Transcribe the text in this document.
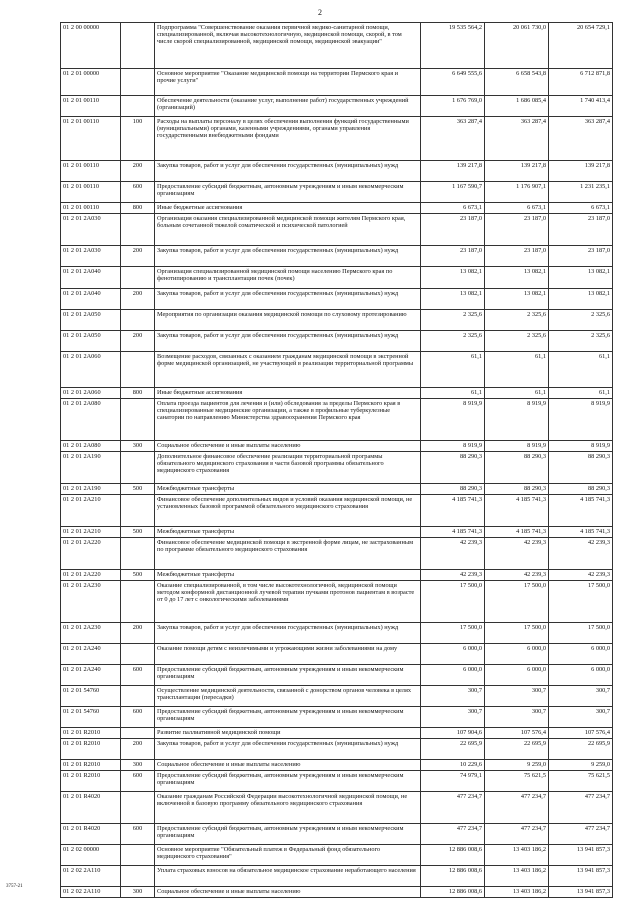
2
01 2 00 00000		Подпрограмма "Совершенствование оказания первичной медико-санитарной помощи, специализированной, включая высокотехнологичную, медицинской помощи, скорой, в том числе скорой специализированной, медицинской помощи, медицинской эвакуации"	19 535 564,2	20 061 730,0	20 654 729,1
01 2 01 00000		Основное мероприятие "Оказание медицинской помощи на территории Пермского края и прочие услуги"	6 649 555,6	6 658 543,8	6 712 871,8
01 2 01 00110		Обеспечение деятельности (оказание услуг, выполнение работ) государственных учреждений (организаций)	1 676 769,0	1 686 085,4	1 740 413,4
01 2 01 00110	100	Расходы на выплаты персоналу в целях обеспечения выполнения функций государственными (муниципальными) органами, казенными учреждениями, органами управления государственными внебюджетными фондами	363 287,4	363 287,4	363 287,4
01 2 01 00110	200	Закупка товаров, работ и услуг для обеспечения государственных (муниципальных) нужд	139 217,8	139 217,8	139 217,8
01 2 01 00110	600	Предоставление субсидий бюджетным, автономным учреждениям и иным некоммерческим организациям	1 167 590,7	1 176 907,1	1 231 235,1
01 2 01 00110	800	Иные бюджетные ассигнования	6 673,1	6 673,1	6 673,1
01 2 01 2А030		Организация оказания специализированной медицинской помощи жителям Пермского края, больным сочетанной тяжелой соматической и психической патологией	23 187,0	23 187,0	23 187,0
01 2 01 2А030	200	Закупка товаров, работ и услуг для обеспечения государственных (муниципальных) нужд	23 187,0	23 187,0	23 187,0
01 2 01 2А040		Организация специализированной медицинской помощи населению Пермского края по фенотипированию и трансплантации почек (почек)	13 082,1	13 082,1	13 082,1
01 2 01 2А040	200	Закупка товаров, работ и услуг для обеспечения государственных (муниципальных) нужд	13 082,1	13 082,1	13 082,1
01 2 01 2А050		Мероприятия по организации оказания медицинской помощи по слуховому протезированию	2 325,6	2 325,6	2 325,6
01 2 01 2А050	200	Закупка товаров, работ и услуг для обеспечения государственных (муниципальных) нужд	2 325,6	2 325,6	2 325,6
01 2 01 2А060		Возмещение расходов, связанных с оказанием гражданам медицинской помощи в экстренной форме медицинской организацией, не участвующей в реализации территориальной программы	61,1	61,1	61,1
01 2 01 2А060	800	Иные бюджетные ассигнования	61,1	61,1	61,1
01 2 01 2А080		Оплата проезда пациентов для лечения и (или) обследования за пределы Пермского края в специализированные медицинские организации, а также в профильные туберкулезные санатории по направлению Министерства здравоохранения Пермского края	8 919,9	8 919,9	8 919,9
01 2 01 2А080	300	Социальное обеспечение и иные выплаты населению	8 919,9	8 919,9	8 919,9
01 2 01 2А190		Дополнительное финансовое обеспечение реализации территориальной программы обязательного медицинского страхования в части базовой программы обязательного медицинского страхования	88 290,3	88 290,3	88 290,3
01 2 01 2А190	500	Межбюджетные трансферты	88 290,3	88 290,3	88 290,3
01 2 01 2А210		Финансовое обеспечение дополнительных видов и условий оказания медицинской помощи, не установленных базовой программой обязательного медицинского страхования	4 185 741,3	4 185 741,3	4 185 741,3
01 2 01 2А210	500	Межбюджетные трансферты	4 185 741,3	4 185 741,3	4 185 741,3
01 2 01 2А220		Финансовое обеспечение медицинской помощи в экстренной форме лицам, не застрахованным по программе обязательного медицинского страхования	42 239,3	42 239,3	42 239,3
01 2 01 2А220	500	Межбюджетные трансферты	42 239,3	42 239,3	42 239,3
01 2 01 2А230		Оказание специализированной, в том числе высокотехнологичной, медицинской помощи методом конформной дистанционной лучевой терапии пучками протонов пациентам в возрасте от 0 до 17 лет с онкологическими заболеваниями	17 500,0	17 500,0	17 500,0
01 2 01 2А230	200	Закупка товаров, работ и услуг для обеспечения государственных (муниципальных) нужд	17 500,0	17 500,0	17 500,0
01 2 01 2А240		Оказание помощи детям с неизлечимыми и угрожающими жизни заболеваниями на дому	6 000,0	6 000,0	6 000,0
01 2 01 2А240	600	Предоставление субсидий бюджетным, автономным учреждениям и иным некоммерческим организациям	6 000,0	6 000,0	6 000,0
01 2 01 54760		Осуществление медицинской деятельности, связанной с донорством органов человека в целях трансплантации (пересадки)	300,7	300,7	300,7
01 2 01 54760	600	Предоставление субсидий бюджетным, автономным учреждениям и иным некоммерческим организациям	300,7	300,7	300,7
01 2 01 R2010		Развитие паллиативной медицинской помощи	107 904,6	107 576,4	107 576,4
01 2 01 R2010	200	Закупка товаров, работ и услуг для обеспечения государственных (муниципальных) нужд	22 695,9	22 695,9	22 695,9
01 2 01 R2010	300	Социальное обеспечение и иные выплаты населению	10 229,6	9 259,0	9 259,0
01 2 01 R2010	600	Предоставление субсидий бюджетным, автономным учреждениям и иным некоммерческим организациям	74 979,1	75 621,5	75 621,5
01 2 01 R4020		Оказание гражданам Российской Федерации высокотехнологичной медицинской помощи, не включенной в базовую программу обязательного медицинского страхования	477 234,7	477 234,7	477 234,7
01 2 01 R4020	600	Предоставление субсидий бюджетным, автономным учреждениям и иным некоммерческим организациям	477 234,7	477 234,7	477 234,7
01 2 02 00000		Основное мероприятие "Обязательный платеж в Федеральный фонд обязательного медицинского страхования"	12 886 008,6	13 403 186,2	13 941 857,3
01 2 02 2А110		Уплата страховых взносов на обязательное медицинское страхование неработающего населения	12 886 008,6	13 403 186,2	13 941 857,3
01 2 02 2А110	300	Социальное обеспечение и иные выплаты населению	12 886 008,6	13 403 186,2	13 941 857,3
3757-21
